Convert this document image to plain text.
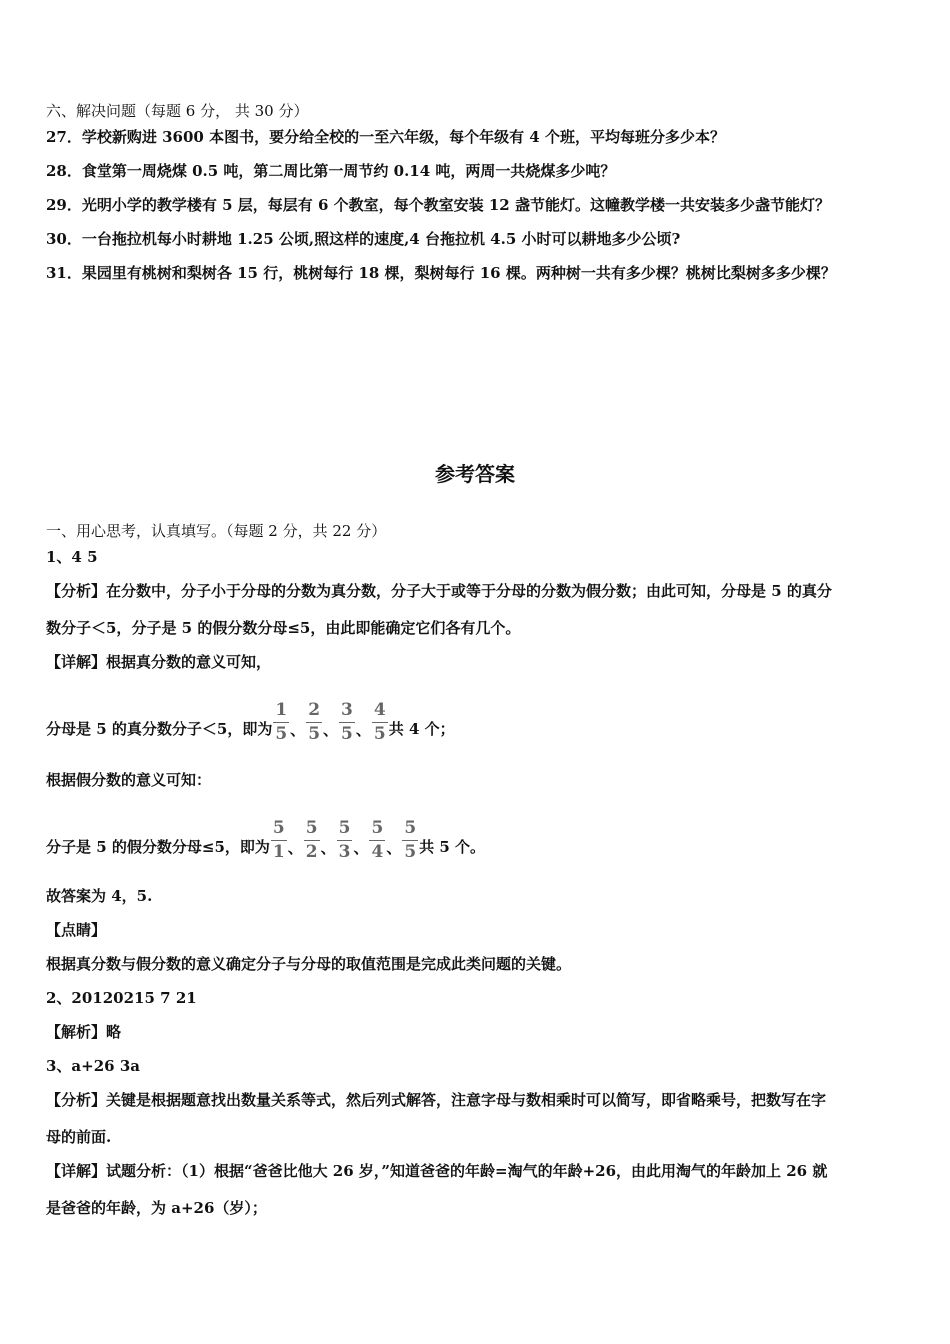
六、解决问题（每题 6 分， 共 30 分）
27．学校新购进 3600 本图书，要分给全校的一至六年级，每个年级有 4 个班，平均每班分多少本？
28．食堂第一周烧煤 0.5 吨，第二周比第一周节约 0.14 吨，两周一共烧煤多少吨？
29．光明小学的教学楼有 5 层，每层有 6 个教室，每个教室安装 12 盏节能灯。这幢教学楼一共安装多少盏节能灯？
30．一台拖拉机每小时耕地 1.25 公顷,照这样的速度,4 台拖拉机 4.5 小时可以耕地多少公顷?
31．果园里有桃树和梨树各 15 行，桃树每行 18 棵，梨树每行 16 棵。两种树一共有多少棵？桃树比梨树多多少棵？
参考答案
一、用心思考，认真填写。（每题 2 分，共 22 分）
1、4 5
【分析】在分数中，分子小于分母的分数为真分数，分子大于或等于分母的分数为假分数；由此可知，分母是 5 的真分
数分子＜5，分子是 5 的假分数分母≤5，由此即能确定它们各有几个。
【详解】根据真分数的意义可知，
分母是 5 的真分数分子＜5，即为 $\frac{1}{5}$ 、 $\frac{2}{5}$ 、 $\frac{3}{5}$ 、 $\frac{4}{5}$ 共 4 个；
根据假分数的意义可知：
分子是 5 的假分数分母≤5，即为 $\frac{5}{1}$ 、 $\frac{5}{2}$ 、 $\frac{5}{3}$ 、 $\frac{5}{4}$ 、 $\frac{5}{5}$ 共 5 个。
故答案为 4，5.
【点睛】
根据真分数与假分数的意义确定分子与分母的取值范围是完成此类问题的关键。
2、20120215 7 21
【解析】略
3、a+26 3a
【分析】关键是根据题意找出数量关系等式，然后列式解答，注意字母与数相乘时可以简写，即省略乘号，把数写在字
母的前面.
【详解】试题分析：（1）根据“爸爸比他大 26 岁，”知道爸爸的年龄=淘气的年龄+26，由此用淘气的年龄加上 26 就
是爸爸的年龄，为 a+26（岁）；
